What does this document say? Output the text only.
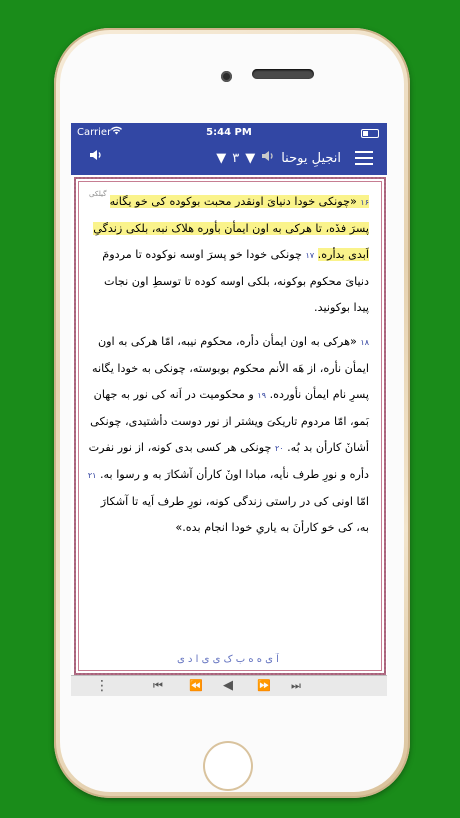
Carrier	5:44 PM
▼ ۳ ▼ انجیلِ یوحنا
گیلکی

۱۶ «چونکی خودا دنیایَ اونقدر محبت بوکوده کی خو یگانه پسرَ فدٚه، تا هرکی به اون ایمأن بأوره هلاک نبه، بلکی زندگیِ اَبدی بدأره. ۱۷ چونکی خودا خو پسرَ اوسه نوکوده تا مردومَ دنیایَ محکوم بوکونه، بلکی اوسه کوده تا توسطِ اون نجات پیدا بوکونید.

۱۸ «هرکی به اون ایمأن دأره، محکوم نیبه، امّا هرکی به اون ایمأن نأره، از هَه الأنم محکوم بوبوسته، چونکی به خودا یگانه پسرِ نام ایمأن نأورده. ۱۹ و محکومیت در اَنه کی نور به جهان بَمو، امّا مردوم تاریکیَ ویشتر از نور دوست دأشتیدی، چونکی أشانٚ کارأن بد بُه. ۲۰ چونکی هر کسی بدی کونه، از نور نفرت دأره و نورِ طرف نأیه، مبادا اونٚ کارأن آشکارَ به و رسوا به. ۲۱ امّا اونی کی در راستی زندگی کونه، نورِ طرف اَیه تا آشکارَ به، کی خو کارأنَ به یاریِ خودا انجام بده.»

آ ی ه ه ب ک ی ی ا د ی
⋮	⏮ ⏪ ◀ ⏩ ⏭
